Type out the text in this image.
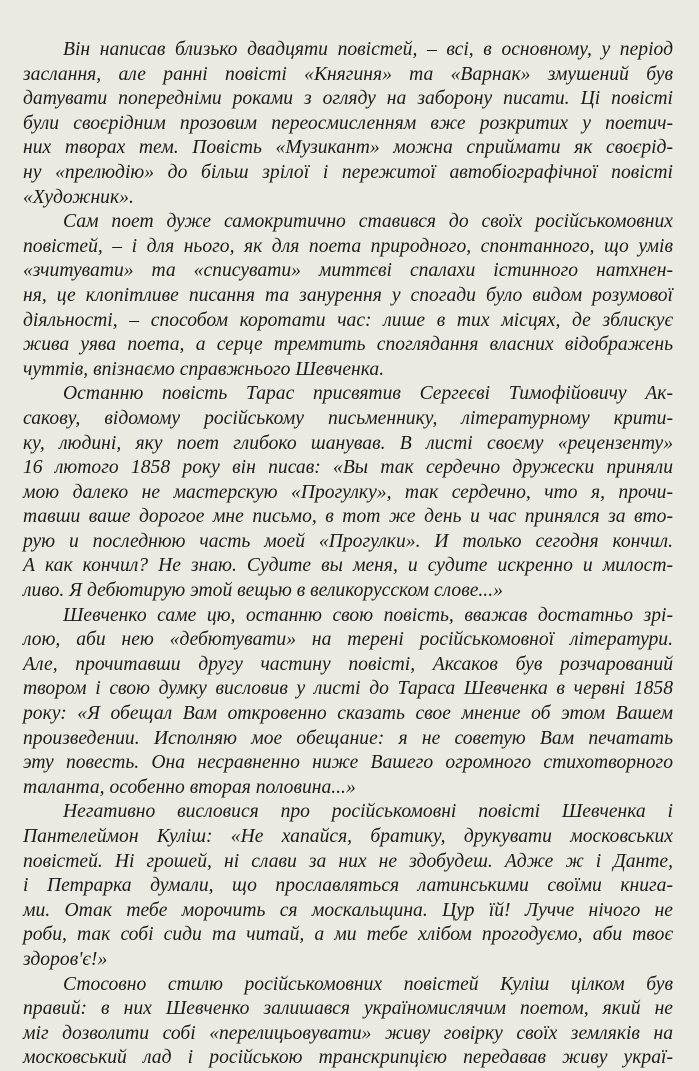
Він написав близько двадцяти повістей, – всі, в основному, у період
заслання, але ранні повісті «Княгиня» та «Варнак» змушений був
датувати попередніми роками з огляду на заборону писати. Ці повісті
були своєрідним прозовим переосмисленням вже розкритих у поетич-
них творах тем. Повість «Музикант» можна сприймати як своєрід-
ну «прелюдію» до більш зрілої і пережитої автобіографічної повісті
«Художник».

Сам поет дуже самокритично ставився до своїх російськомовних
повістей, – і для нього, як для поета природного, спонтанного, що умів
«зчитувати» та «списувати» миттєві спалахи істинного натхнен-
ня, це клопітливе писання та занурення у спогади було видом розумової
діяльності, – способом коротати час: лише в тих місцях, де зблискує
жива уява поета, а серце тремтить споглядання власних відображень
чуттів, впізнаємо справжнього Шевченка.

Останню повість Тарас присвятив Сергеєві Тимофійовичу Ак-
сакову, відомому російському письменнику, літературному крити-
ку, людині, яку поет глибоко шанував. В листі своєму «рецензенту»
16 лютого 1858 року він писав: «Вы так сердечно дружески приняли
мою далеко не мастерскую «Прогулку», так сердечно, что я, прочи-
тавши ваше дорогое мне письмо, в тот же день и час принялся за вто-
рую и последнюю часть моей «Прогулки». И только сегодня кончил.
А как кончил? Не знаю. Судите вы меня, и судите искренно и милост-
ливо. Я дебютирую этой вещью в великорусском слове...»

Шевченко саме цю, останню свою повість, вважав достатньо зрі-
лою, аби нею «дебютувати» на терені російськомовної літератури.
Але, прочитавши другу частину повісті, Аксаков був розчарований
твором і свою думку висловив у листі до Тараса Шевченка в червні 1858
року: «Я обещал Вам откровенно сказать свое мнение об этом Вашем
произведении. Исполняю мое обещание: я не советую Вам печатать
эту повесть. Она несравненно ниже Вашего огромного стихотворного
таланта, особенно вторая половина...»

Негативно висловися про російськомовні повісті Шевченка і
Пантелеймон Куліш: «Не хапайся, братику, друкувати московських
повістей. Ні грошей, ні слави за них не здобудеш. Адже ж і Данте,
і Петрарка думали, що прославляться латинськими своїми книга-
ми. Отак тебе морочить ся москальщина. Цур їй! Лучче нічого не
роби, так собі сиди та читай, а ми тебе хлібом прогодуємо, аби твоє
здоров'є!»

Стосовно стилю російськомовних повістей Куліш цілком був
правий: в них Шевченко залишався україномислячим поетом, який не
міг дозволити собі «перелицьовувати» живу говірку своїх земляків на
московський лад і російською транскрипцією передавав живу украї-
